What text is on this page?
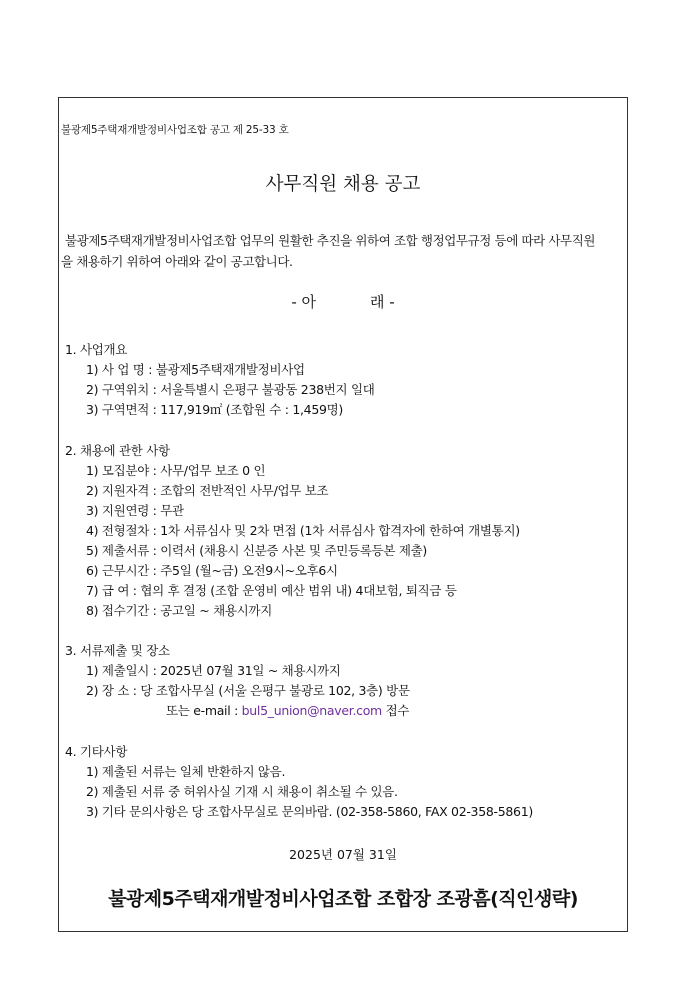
불광제5주택재개발정비사업조합 공고 제 25-33 호
사무직원 채용 공고
불광제5주택재개발정비사업조합 업무의 원활한 추진을 위하여 조합 행정업무규정 등에 따라 사무직원
을 채용하기 위하여 아래와 같이 공고합니다.
- 아	래 -
1. 사업개요
1) 사 업 명 : 불광제5주택재개발정비사업
2) 구역위치 : 서울특별시 은평구 불광동 238번지 일대
3) 구역면적 : 117,919㎡ (조합원 수 : 1,459명)
2. 채용에 관한 사항
1) 모집분야 : 사무/업무 보조 0 인
2) 지원자격 : 조합의 전반적인 사무/업무 보조
3) 지원연령 : 무관
4) 전형절차 : 1차 서류심사 및 2차 면접 (1차 서류심사 합격자에 한하여 개별통지)
5) 제출서류 : 이력서 (채용시 신분증 사본 및 주민등록등본 제출)
6) 근무시간 : 주5일 (월~금) 오전9시~오후6시
7) 급 여 : 협의 후 결정 (조합 운영비 예산 범위 내) 4대보험, 퇴직금 등
8) 접수기간 : 공고일 ~ 채용시까지
3. 서류제출 및 장소
1) 제출일시 : 2025년 07월 31일 ~ 채용시까지
2) 장 소 : 당 조합사무실 (서울 은평구 불광로 102, 3층) 방문
또는 e-mail : bul5_union@naver.com 접수
4. 기타사항
1) 제출된 서류는 일체 반환하지 않음.
2) 제출된 서류 중 허위사실 기재 시 채용이 취소될 수 있음.
3) 기타 문의사항은 당 조합사무실로 문의바람. (02-358-5860, FAX 02-358-5861)
2025년 07월 31일
불광제5주택재개발정비사업조합 조합장 조광흠(직인생략)
